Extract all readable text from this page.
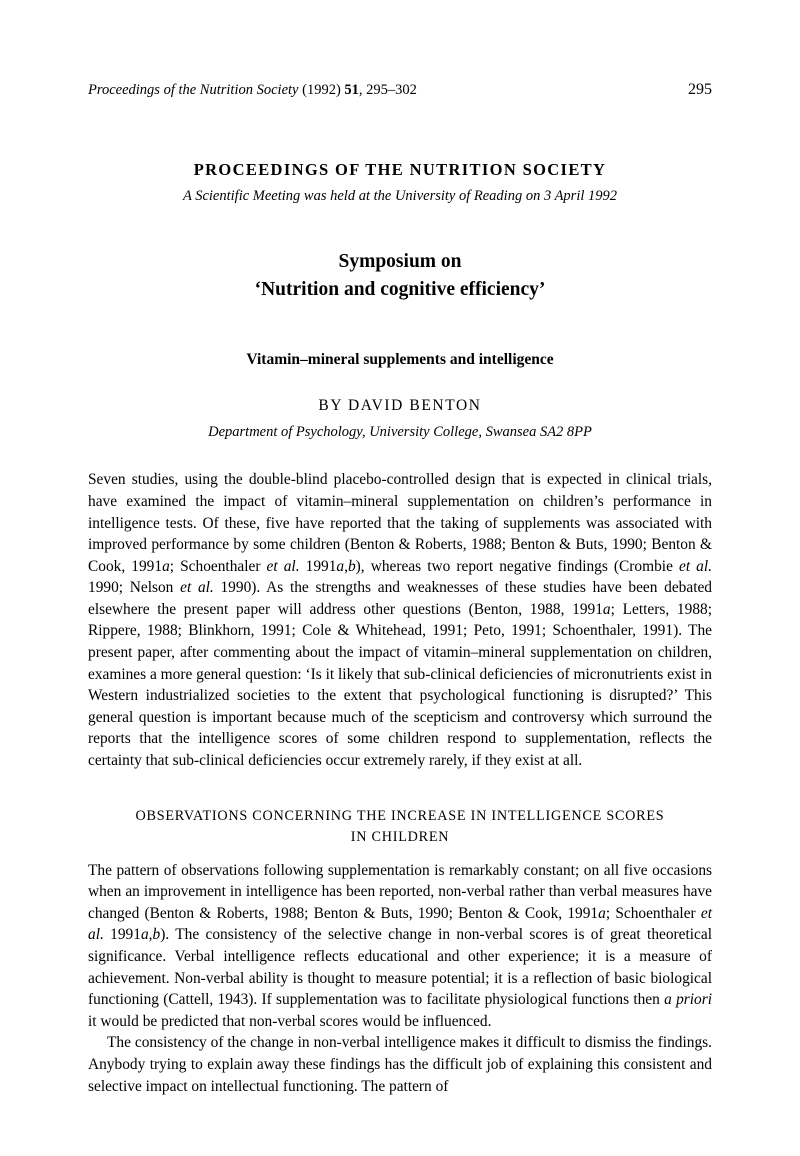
Proceedings of the Nutrition Society (1992) 51, 295–302	295
PROCEEDINGS OF THE NUTRITION SOCIETY
A Scientific Meeting was held at the University of Reading on 3 April 1992
Symposium on
‘Nutrition and cognitive efficiency’
Vitamin–mineral supplements and intelligence
BY DAVID BENTON
Department of Psychology, University College, Swansea SA2 8PP

Seven studies, using the double-blind placebo-controlled design that is expected in clinical trials, have examined the impact of vitamin–mineral supplementation on children’s performance in intelligence tests. Of these, five have reported that the taking of supplements was associated with improved performance by some children (Benton & Roberts, 1988; Benton & Buts, 1990; Benton & Cook, 1991a; Schoenthaler et al. 1991a,b), whereas two report negative findings (Crombie et al. 1990; Nelson et al. 1990). As the strengths and weaknesses of these studies have been debated elsewhere the present paper will address other questions (Benton, 1988, 1991a; Letters, 1988; Rippere, 1988; Blinkhorn, 1991; Cole & Whitehead, 1991; Peto, 1991; Schoenthaler, 1991). The present paper, after commenting about the impact of vitamin–mineral supplementation on children, examines a more general question: ‘Is it likely that sub-clinical deficiencies of micronutrients exist in Western industrialized societies to the extent that psychological functioning is disrupted?’ This general question is important because much of the scepticism and controversy which surround the reports that the intelligence scores of some children respond to supplementation, reflects the certainty that sub-clinical deficiencies occur extremely rarely, if they exist at all.

OBSERVATIONS CONCERNING THE INCREASE IN INTELLIGENCE SCORES
IN CHILDREN

The pattern of observations following supplementation is remarkably constant; on all five occasions when an improvement in intelligence has been reported, non-verbal rather than verbal measures have changed (Benton & Roberts, 1988; Benton & Buts, 1990; Benton & Cook, 1991a; Schoenthaler et al. 1991a,b). The consistency of the selective change in non-verbal scores is of great theoretical significance. Verbal intelligence reflects educational and other experience; it is a measure of achievement. Non-verbal ability is thought to measure potential; it is a reflection of basic biological functioning (Cattell, 1943). If supplementation was to facilitate physiological functions then a priori it would be predicted that non-verbal scores would be influenced.

The consistency of the change in non-verbal intelligence makes it difficult to dismiss the findings. Anybody trying to explain away these findings has the difficult job of explaining this consistent and selective impact on intellectual functioning. The pattern of
